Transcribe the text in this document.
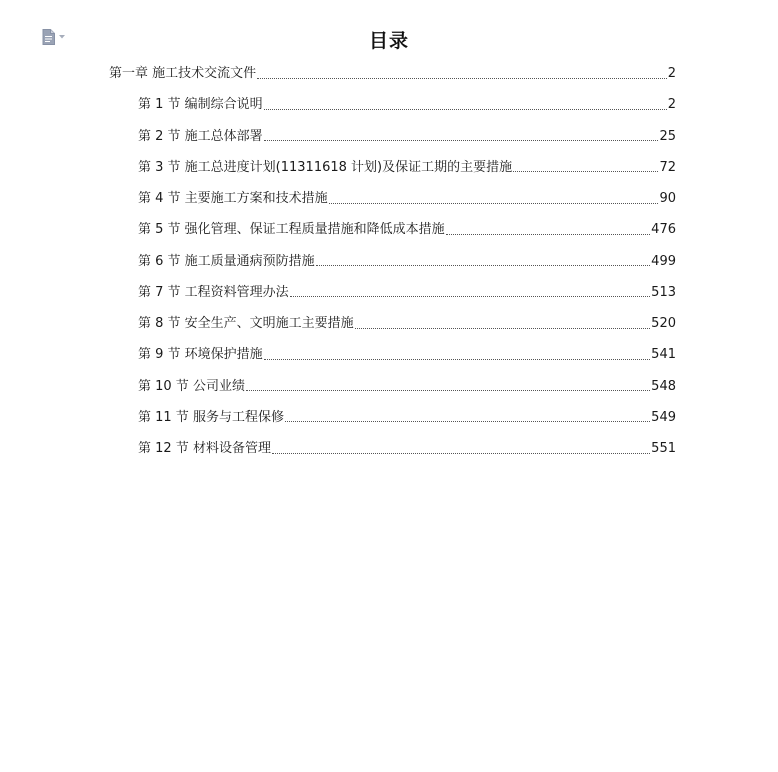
目录
第一章 施工技术交流文件	2
第 1 节 编制综合说明	2
第 2 节 施工总体部署	25
第 3 节 施工总进度计划(11311618 计划)及保证工期的主要措施	72
第 4 节 主要施工方案和技术措施	90
第 5 节 强化管理、保证工程质量措施和降低成本措施	476
第 6 节 施工质量通病预防措施	499
第 7 节 工程资料管理办法	513
第 8 节 安全生产、文明施工主要措施	520
第 9 节 环境保护措施	541
第 10 节 公司业绩	548
第 11 节 服务与工程保修	549
第 12 节 材料设备管理	551
